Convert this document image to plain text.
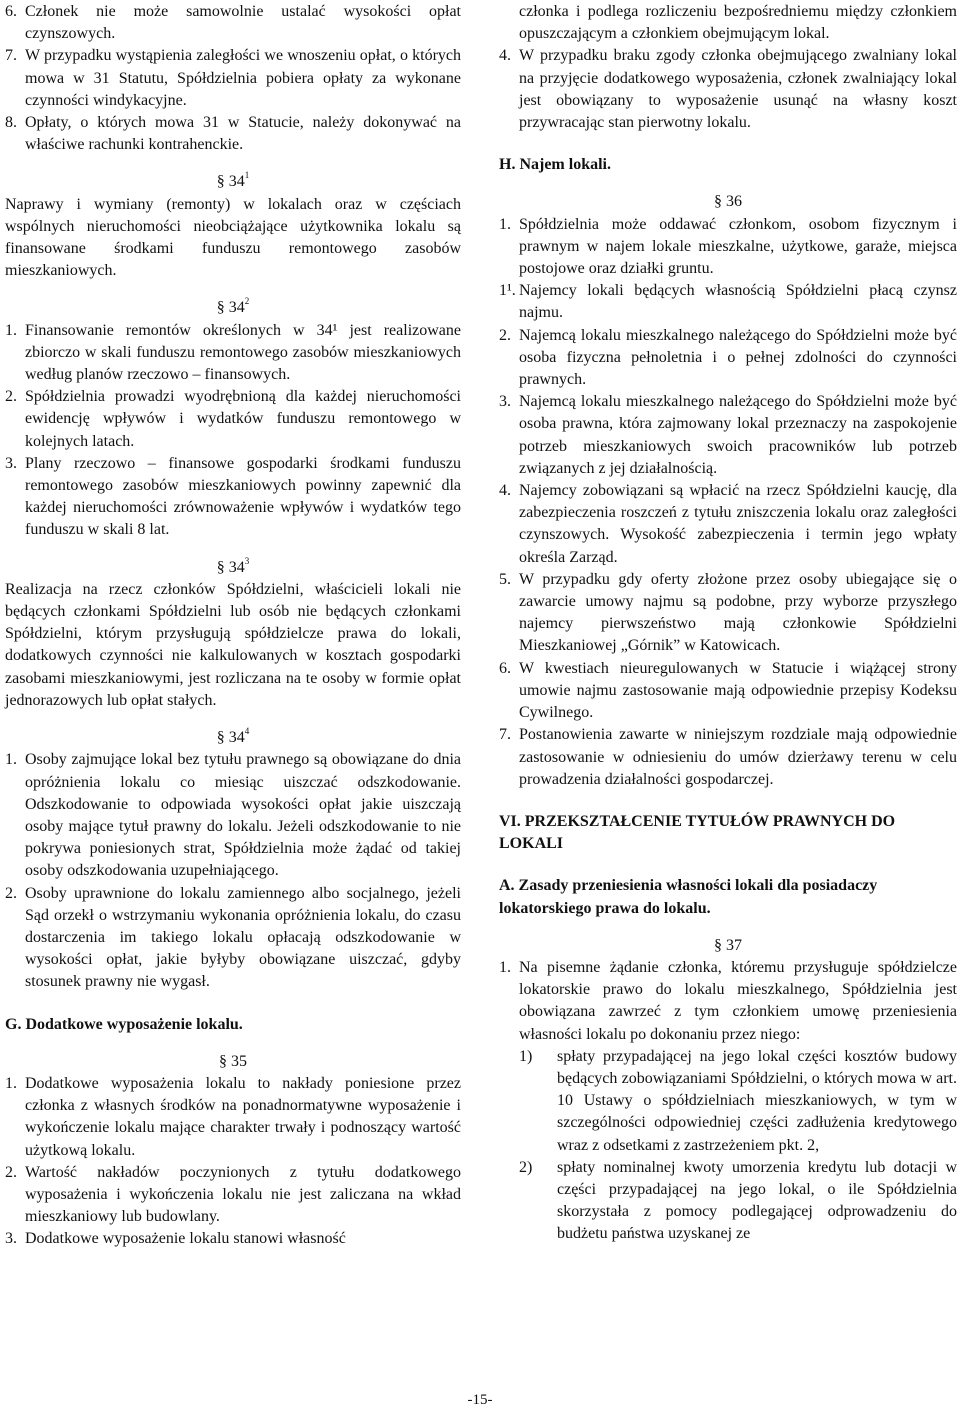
6. Członek nie może samowolnie ustalać wysokości opłat czynszowych.
7. W przypadku wystąpienia zaległości we wnoszeniu opłat, o których mowa w 31 Statutu, Spółdzielnia pobiera opłaty za wykonane czynności windykacyjne.
8. Opłaty, o których mowa 31 w Statucie, należy dokonywać na właściwe rachunki kontrahenckie.

§ $34^1$

Naprawy i wymiany (remonty) w lokalach oraz w częściach wspólnych nieruchomości nieobciążające użytkownika lokalu są finansowane środkami funduszu remontowego zasobów mieszkaniowych.

§ $34^2$

1. Finansowanie remontów określonych w 34¹ jest realizowane zbiorczo w skali funduszu remontowego zasobów mieszkaniowych według planów rzeczowo – finansowych.
2. Spółdzielnia prowadzi wyodrębnioną dla każdej nieruchomości ewidencję wpływów i wydatków funduszu remontowego w kolejnych latach.
3. Plany rzeczowo – finansowe gospodarki środkami funduszu remontowego zasobów mieszkaniowych powinny zapewnić dla każdej nieruchomości zrównoważenie wpływów i wydatków tego funduszu w skali 8 lat.

§ $34^3$

Realizacja na rzecz członków Spółdzielni, właścicieli lokali nie będących członkami Spółdzielni lub osób nie będących członkami Spółdzielni, którym przysługują spółdzielcze prawa do lokali, dodatkowych czynności nie kalkulowanych w kosztach gospodarki zasobami mieszkaniowymi, jest rozliczana na te osoby w formie opłat jednorazowych lub opłat stałych.

§ $34^4$

1. Osoby zajmujące lokal bez tytułu prawnego są obowiązane do dnia opróżnienia lokalu co miesiąc uiszczać odszkodowanie. Odszkodowanie to odpowiada wysokości opłat jakie uiszczają osoby mające tytuł prawny do lokalu. Jeżeli odszkodowanie to nie pokrywa poniesionych strat, Spółdzielnia może żądać od takiej osoby odszkodowania uzupełniającego.
2. Osoby uprawnione do lokalu zamiennego albo socjalnego, jeżeli Sąd orzekł o wstrzymaniu wykonania opróżnienia lokalu, do czasu dostarczenia im takiego lokalu opłacają odszkodowanie w wysokości opłat, jakie byłyby obowiązane uiszczać, gdyby stosunek prawny nie wygasł.

G. Dodatkowe wyposażenie lokalu.

§ 35

1. Dodatkowe wyposażenia lokalu to nakłady poniesione przez członka z własnych środków na ponadnormatywne wyposażenie i wykończenie lokalu mające charakter trwały i podnoszący wartość użytkową lokalu.
2. Wartość nakładów poczynionych z tytułu dodatkowego wyposażenia i wykończenia lokalu nie jest zaliczana na wkład mieszkaniowy lub budowlany.
3. Dodatkowe wyposażenie lokalu stanowi własność
członka i podlega rozliczeniu bezpośredniemu między członkiem opuszczającym a członkiem obejmującym lokal.
4. W przypadku braku zgody członka obejmującego zwalniany lokal na przyjęcie dodatkowego wyposażenia, członek zwalniający lokal jest obowiązany to wyposażenie usunąć na własny koszt przywracając stan pierwotny lokalu.

H. Najem lokali.

§ 36

1. Spółdzielnia może oddawać członkom, osobom fizycznym i prawnym w najem lokale mieszkalne, użytkowe, garaże, miejsca postojowe oraz działki gruntu.
1¹. Najemcy lokali będących własnością Spółdzielni płacą czynsz najmu.
2. Najemcą lokalu mieszkalnego należącego do Spółdzielni może być osoba fizyczna pełnoletnia i o pełnej zdolności do czynności prawnych.
3. Najemcą lokalu mieszkalnego należącego do Spółdzielni może być osoba prawna, która zajmowany lokal przeznaczy na zaspokojenie potrzeb mieszkaniowych swoich pracowników lub potrzeb związanych z jej działalnością.
4. Najemcy zobowiązani są wpłacić na rzecz Spółdzielni kaucję, dla zabezpieczenia roszczeń z tytułu zniszczenia lokalu oraz zaległości czynszowych. Wysokość zabezpieczenia i termin jego wpłaty określa Zarząd.
5. W przypadku gdy oferty złożone przez osoby ubiegające się o zawarcie umowy najmu są podobne, przy wyborze przyszłego najemcy pierwszeństwo mają członkowie Spółdzielni Mieszkaniowej „Górnik” w Katowicach.
6. W kwestiach nieuregulowanych w Statucie i wiążącej strony umowie najmu zastosowanie mają odpowiednie przepisy Kodeksu Cywilnego.
7. Postanowienia zawarte w niniejszym rozdziale mają odpowiednie zastosowanie w odniesieniu do umów dzierżawy terenu w celu prowadzenia działalności gospodarczej.

VI. PRZEKSZTAŁCENIE TYTUŁÓW PRAWNYCH DO LOKALI

A. Zasady przeniesienia własności lokali dla posiadaczy lokatorskiego prawa do lokalu.

§ 37

1. Na pisemne żądanie członka, któremu przysługuje spółdzielcze lokatorskie prawo do lokalu mieszkalnego, Spółdzielnia jest obowiązana zawrzeć z tym członkiem umowę przeniesienia własności lokalu po dokonaniu przez niego:
1)	spłaty przypadającej na jego lokal części kosztów budowy będących zobowiązaniami Spółdzielni, o których mowa w art. 10 Ustawy o spółdzielniach mieszkaniowych, w tym w szczególności odpowiedniej części zadłużenia kredytowego wraz z odsetkami z zastrzeżeniem pkt. 2,
2)	spłaty nominalnej kwoty umorzenia kredytu lub dotacji w części przypadającej na jego lokal, o ile Spółdzielnia skorzystała z pomocy podlegającej odprowadzeniu do budżetu państwa uzyskanej ze
-15-
